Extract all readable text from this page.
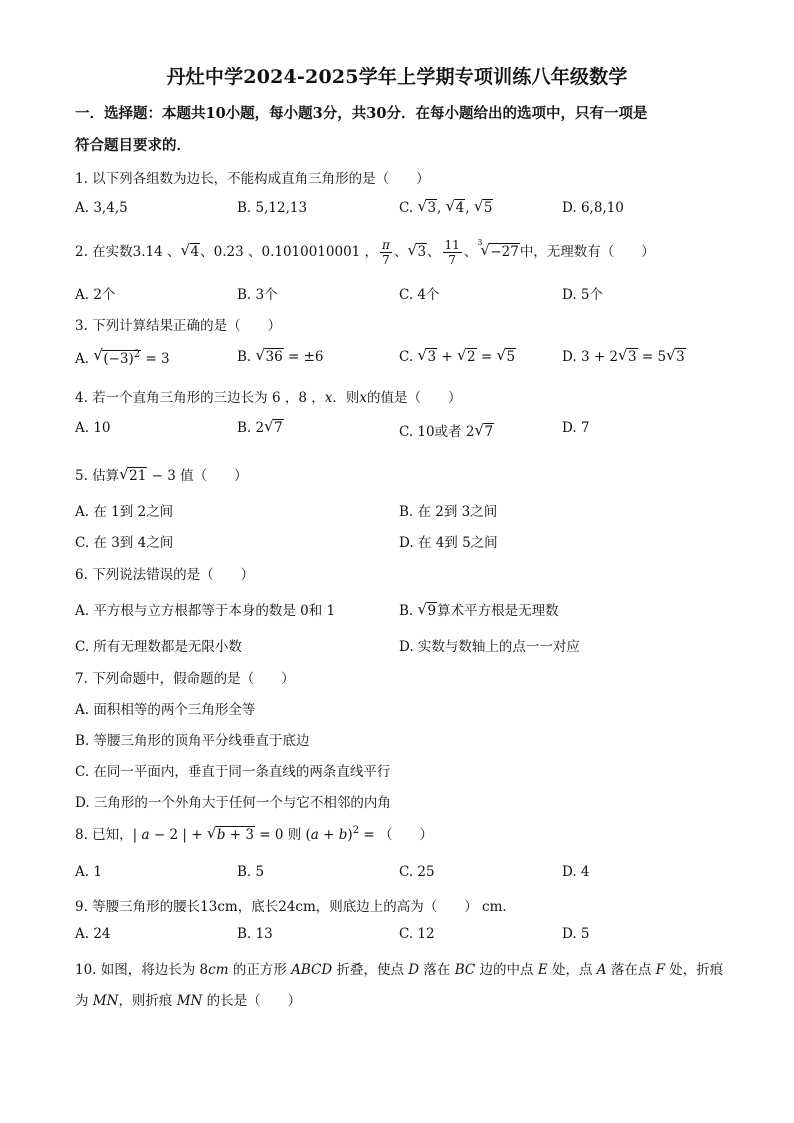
丹灶中学2024-2025学年上学期专项训练八年级数学
一．选择题：本题共10小题，每小题3分，共30分．在每小题给出的选项中，只有一项是
符合题目要求的．
1. 以下列各组数为边长，不能构成直角三角形的是（　　）
A. 3,4,5	B. 5,12,13	C. √ 3, √ 4, √ 5	D. 6,8,10
2. 在实数3.14 、 √ 4、0.23 、0.1010010001 ， $\frac{\pi}{7}$ 、 √ 3、 $\frac{11}{7}$ 、
3
√ −27中，无理数有（　　）
A. 2个	B. 3个	C. 4个	D. 5个
3. 下列计算结果正确的是（　　）
A. √ $(-3)^2 = 3$	B. √ 36 = ±6	C. √ 3 + √ 2 = √ 5	D. 3 + 2 √ 3 = 5 √ 3
4. 若一个直角三角形的三边长为 6 ，8 ，x．则x的值是（　　）
A. 10	B. 2 √ 7	C. 10或者 2 √ 7	D. 7
5. 估算 √ 21 − 3 值（　　）
A. 在 1到 2之间	B. 在 2到 3之间
C. 在 3到 4之间	D. 在 4到 5之间
6. 下列说法错误的是（　　）
A. 平方根与立方根都等于本身的数是 0和 1	B. √ 9算术平方根是无理数
C. 所有无理数都是无限小数	D. 实数与数轴上的点一一对应
7. 下列命题中，假命题的是（　　）
A. 面积相等的两个三角形全等
B. 等腰三角形的顶角平分线垂直于底边
C. 在同一平面内，垂直于同一条直线的两条直线平行
D. 三角形的一个外角大于任何一个与它不相邻的内角
8. 已知，| a − 2 | + √ b + 3 = 0 则 $(a + b)^2$ = （　　）
A. 1	B. 5	C. 25	D. 4
9. 等腰三角形的腰长13cm，底长24cm，则底边上的高为（　　） cm．
A. 24	B. 13	C. 12	D. 5
10. 如图，将边长为 8cm 的正方形 ABCD 折叠，使点 D 落在 BC 边的中点 E 处，点 A 落在点 F 处，折痕
为 MN，则折痕 MN 的长是（　　）
